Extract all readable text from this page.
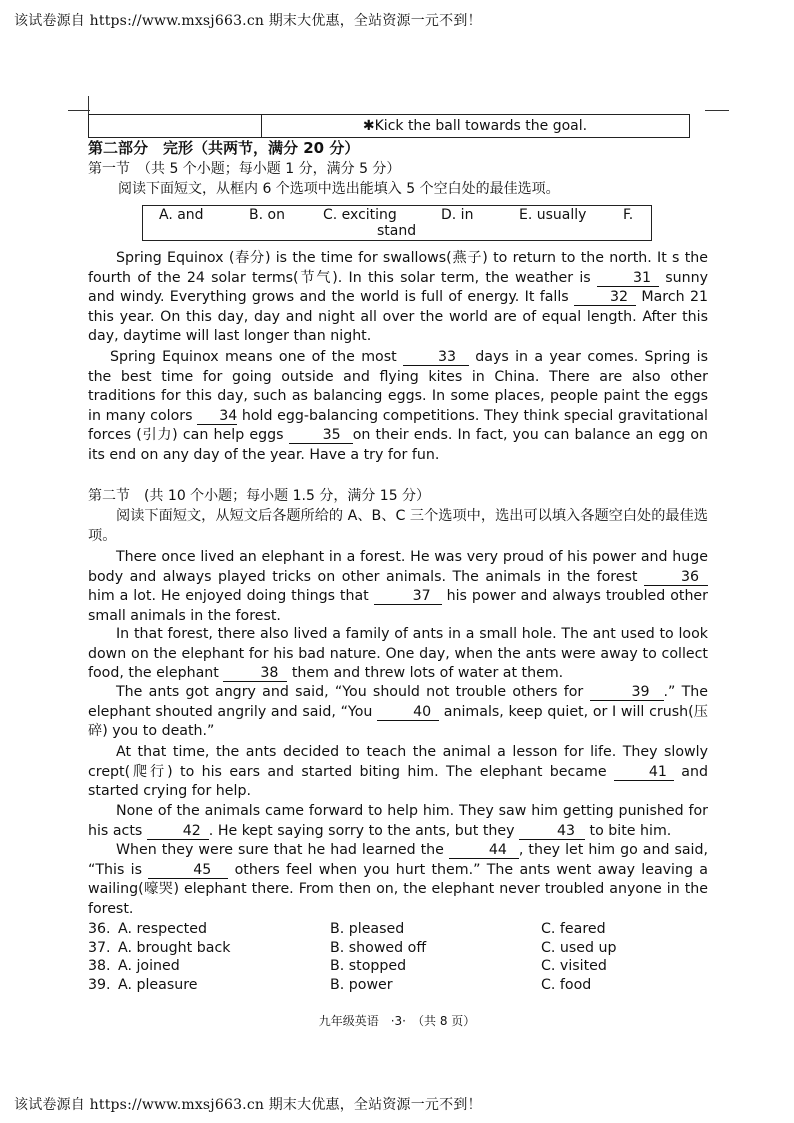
该试卷源自 https://www.mxsj663.cn 期末大优惠，全站资源一元不到！
✱Kick the ball towards the goal.
第二部分　完形（共两节，满分 20 分）
第一节　（共 5 个小题；每小题 1 分，满分 5 分）
阅读下面短文，从框内 6 个选项中选出能填入 5 个空白处的最佳选项。
A. and	B. on	C. exciting	D. in	E. usually	F.
stand
Spring Equinox (春分) is the time for swallows(燕子) to return to the north. It s the fourth of the 24 solar terms(节气). In this solar term, the weather is	31 sunny and windy. Everything grows and the world is full of energy. It falls	32 March 21 this year. On this day, day and night all over the world are of equal length. After this day, daytime will last longer than night.
Spring Equinox means one of the most 33 days in a year comes. Spring is the best time for going outside and flying kites in China. There are also other traditions for this day, such as balancing eggs. In some places, people paint the eggs in many colors 34 hold egg-balancing competitions. They think special gravitational forces (引力) can help eggs 35 on their ends. In fact, you can balance an egg on its end on any day of the year. Have a try for fun.
第二节　(共 10 个小题；每小题 1.5 分，满分 15 分）
阅读下面短文，从短文后各题所给的 A、B、C 三个选项中，选出可以填入各题空白处的最佳选项。
There once lived an elephant in a forest. He was very proud of his power and huge body and always played tricks on other animals. The animals in the forest	36 him a lot. He enjoyed doing things that	37 his power and always troubled other small animals in the forest.
In that forest, there also lived a family of ants in a small hole. The ant used to look down on the elephant for his bad nature. One day, when the ants were away to collect food, the elephant	38 them and threw lots of water at them.
The ants got angry and said, “You should not trouble others for	39 .” The elephant shouted angrily and said, “You	40 animals, keep quiet, or I will crush(压碎) you to death.”
At that time, the ants decided to teach the animal a lesson for life. They slowly crept(爬行) to his ears and started biting him. The elephant became 41 and started crying for help.
None of the animals came forward to help him. They saw him getting punished for his acts	42 . He kept saying sorry to the ants, but they	43 to bite him.
When they were sure that he had learned the	44 , they let him go and said, “This is	45 others feel when you hurt them.” The ants went away leaving a wailing(嚎哭) elephant there. From then on, the elephant never troubled anyone in the forest.
36. A. respected	B. pleased	C. feared
37. A. brought back	B. showed off	C. used up
38. A. joined	B. stopped	C. visited
39. A. pleasure	B. power	C. food
九年级英语　·3·　（共 8 页）
该试卷源自 https://www.mxsj663.cn 期末大优惠，全站资源一元不到！
